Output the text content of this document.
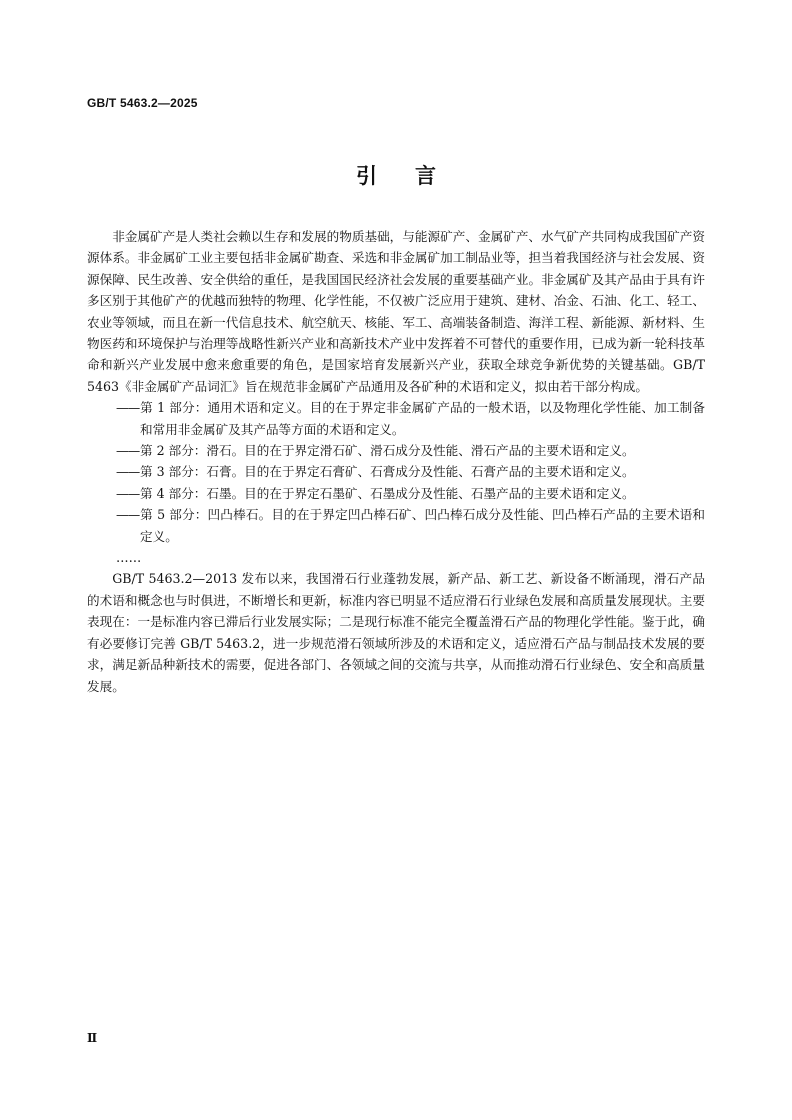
GB/T 5463.2—2025
引言

非金属矿产是人类社会赖以生存和发展的物质基础，与能源矿产、金属矿产、水气矿产共同构成我国矿产资源体系。非金属矿工业主要包括非金属矿勘查、采选和非金属矿加工制品业等，担当着我国经济与社会发展、资源保障、民生改善、安全供给的重任，是我国国民经济社会发展的重要基础产业。非金属矿及其产品由于具有许多区别于其他矿产的优越而独特的物理、化学性能，不仅被广泛应用于建筑、建材、冶金、石油、化工、轻工、农业等领域，而且在新一代信息技术、航空航天、核能、军工、高端装备制造、海洋工程、新能源、新材料、生物医药和环境保护与治理等战略性新兴产业和高新技术产业中发挥着不可替代的重要作用，已成为新一轮科技革命和新兴产业发展中愈来愈重要的角色，是国家培育发展新兴产业，获取全球竞争新优势的关键基础。GB/T 5463《非金属矿产品词汇》旨在规范非金属矿产品通用及各矿种的术语和定义，拟由若干部分构成。

——第 1 部分：通用术语和定义。目的在于界定非金属矿产品的一般术语，以及物理化学性能、加工制备和常用非金属矿及其产品等方面的术语和定义。

——第 2 部分：滑石。目的在于界定滑石矿、滑石成分及性能、滑石产品的主要术语和定义。

——第 3 部分：石膏。目的在于界定石膏矿、石膏成分及性能、石膏产品的主要术语和定义。

——第 4 部分：石墨。目的在于界定石墨矿、石墨成分及性能、石墨产品的主要术语和定义。

——第 5 部分：凹凸棒石。目的在于界定凹凸棒石矿、凹凸棒石成分及性能、凹凸棒石产品的主要术语和定义。

……

GB/T 5463.2—2013 发布以来，我国滑石行业蓬勃发展，新产品、新工艺、新设备不断涌现，滑石产品的术语和概念也与时俱进，不断增长和更新，标准内容已明显不适应滑石行业绿色发展和高质量发展现状。主要表现在：一是标准内容已滞后行业发展实际；二是现行标准不能完全覆盖滑石产品的物理化学性能。鉴于此，确有必要修订完善 GB/T 5463.2，进一步规范滑石领域所涉及的术语和定义，适应滑石产品与制品技术发展的要求，满足新品种新技术的需要，促进各部门、各领域之间的交流与共享，从而推动滑石行业绿色、安全和高质量发展。

Ⅱ
